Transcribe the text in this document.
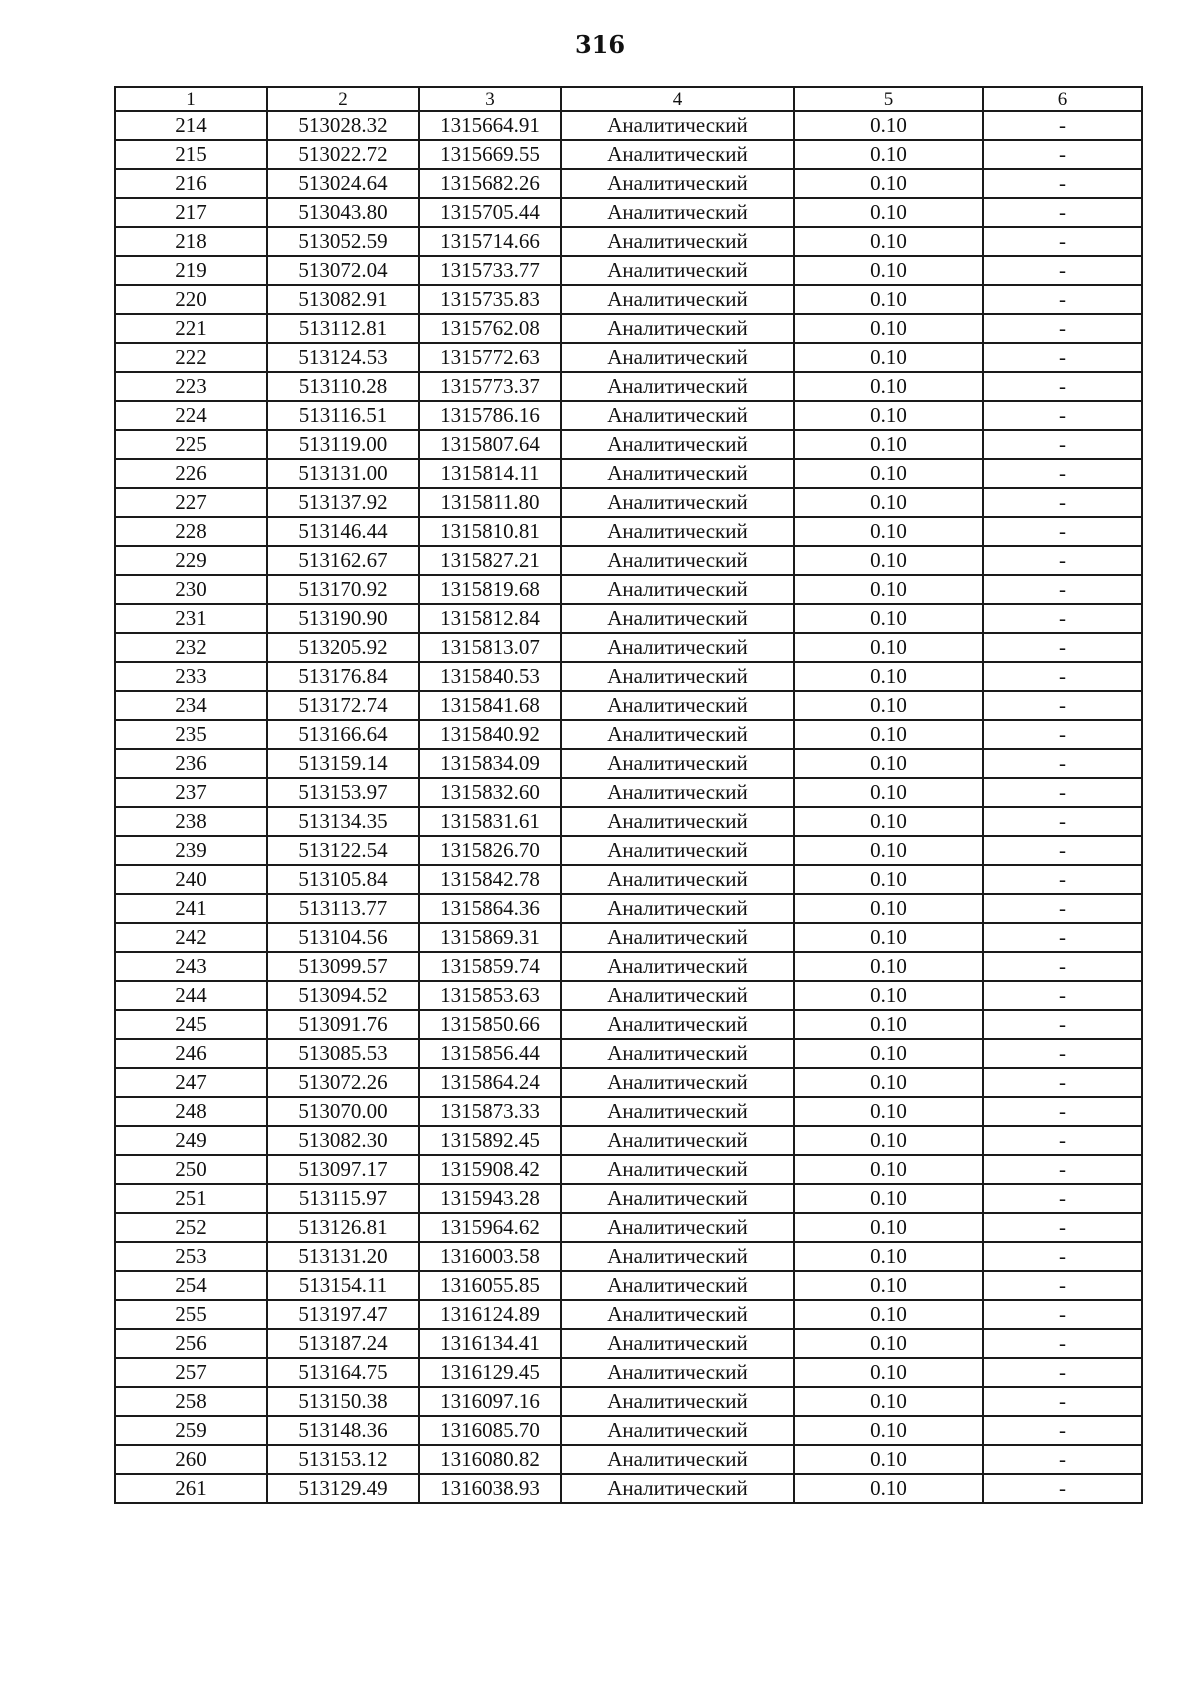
316
1	2	3	4	5	6
214	513028.32	1315664.91	Аналитический	0.10	-
215	513022.72	1315669.55	Аналитический	0.10	-
216	513024.64	1315682.26	Аналитический	0.10	-
217	513043.80	1315705.44	Аналитический	0.10	-
218	513052.59	1315714.66	Аналитический	0.10	-
219	513072.04	1315733.77	Аналитический	0.10	-
220	513082.91	1315735.83	Аналитический	0.10	-
221	513112.81	1315762.08	Аналитический	0.10	-
222	513124.53	1315772.63	Аналитический	0.10	-
223	513110.28	1315773.37	Аналитический	0.10	-
224	513116.51	1315786.16	Аналитический	0.10	-
225	513119.00	1315807.64	Аналитический	0.10	-
226	513131.00	1315814.11	Аналитический	0.10	-
227	513137.92	1315811.80	Аналитический	0.10	-
228	513146.44	1315810.81	Аналитический	0.10	-
229	513162.67	1315827.21	Аналитический	0.10	-
230	513170.92	1315819.68	Аналитический	0.10	-
231	513190.90	1315812.84	Аналитический	0.10	-
232	513205.92	1315813.07	Аналитический	0.10	-
233	513176.84	1315840.53	Аналитический	0.10	-
234	513172.74	1315841.68	Аналитический	0.10	-
235	513166.64	1315840.92	Аналитический	0.10	-
236	513159.14	1315834.09	Аналитический	0.10	-
237	513153.97	1315832.60	Аналитический	0.10	-
238	513134.35	1315831.61	Аналитический	0.10	-
239	513122.54	1315826.70	Аналитический	0.10	-
240	513105.84	1315842.78	Аналитический	0.10	-
241	513113.77	1315864.36	Аналитический	0.10	-
242	513104.56	1315869.31	Аналитический	0.10	-
243	513099.57	1315859.74	Аналитический	0.10	-
244	513094.52	1315853.63	Аналитический	0.10	-
245	513091.76	1315850.66	Аналитический	0.10	-
246	513085.53	1315856.44	Аналитический	0.10	-
247	513072.26	1315864.24	Аналитический	0.10	-
248	513070.00	1315873.33	Аналитический	0.10	-
249	513082.30	1315892.45	Аналитический	0.10	-
250	513097.17	1315908.42	Аналитический	0.10	-
251	513115.97	1315943.28	Аналитический	0.10	-
252	513126.81	1315964.62	Аналитический	0.10	-
253	513131.20	1316003.58	Аналитический	0.10	-
254	513154.11	1316055.85	Аналитический	0.10	-
255	513197.47	1316124.89	Аналитический	0.10	-
256	513187.24	1316134.41	Аналитический	0.10	-
257	513164.75	1316129.45	Аналитический	0.10	-
258	513150.38	1316097.16	Аналитический	0.10	-
259	513148.36	1316085.70	Аналитический	0.10	-
260	513153.12	1316080.82	Аналитический	0.10	-
261	513129.49	1316038.93	Аналитический	0.10	-
